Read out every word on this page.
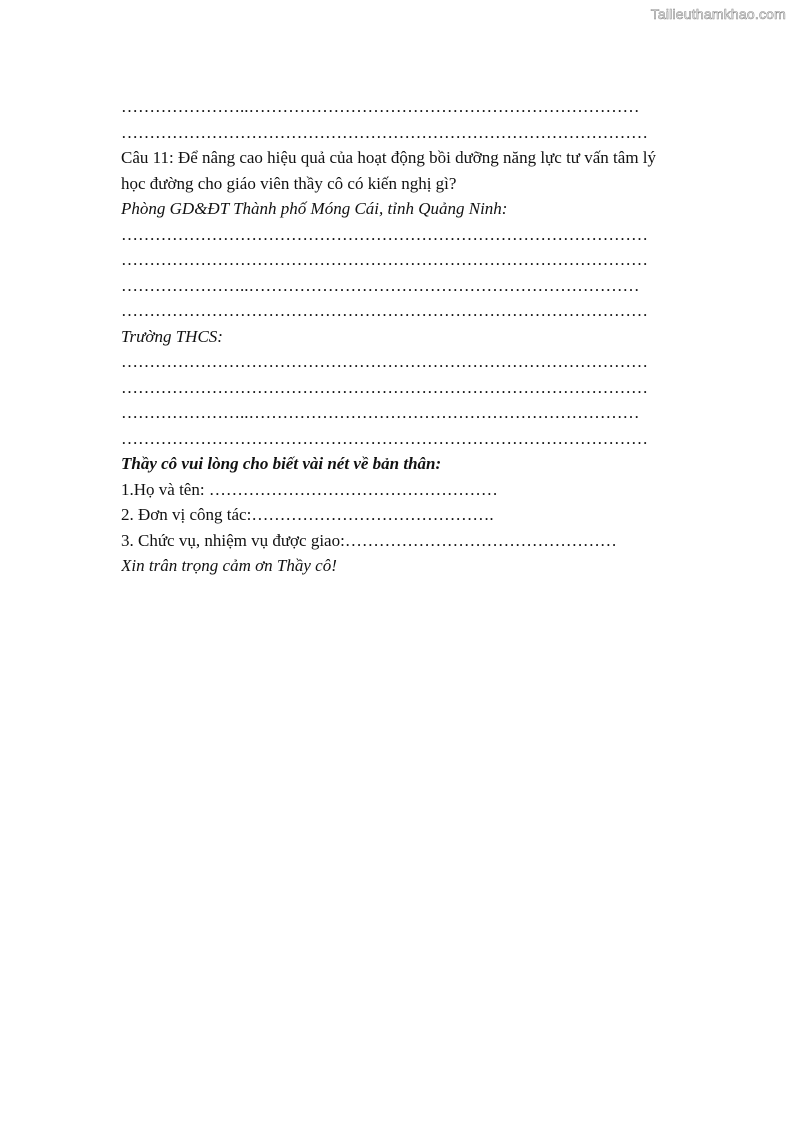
Tailieuthamkhao.com
…………………..……………………………………………………………
…………………………………………………………………………………
Câu 11: Để nâng cao hiệu quả của hoạt động bồi dưỡng năng lực tư vấn tâm lý
học đường cho giáo viên thầy cô có kiến nghị gì?
Phòng GD&ĐT Thành phố Móng Cái, tỉnh Quảng Ninh:
…………………………………………………………………………………
…………………………………………………………………………………
…………………..……………………………………………………………
…………………………………………………………………………………
Trường THCS:
…………………………………………………………………………………
…………………………………………………………………………………
…………………..……………………………………………………………
…………………………………………………………………………………
Thầy cô vui lòng cho biết vài nét về bản thân:
1.Họ và tên: ……………………………………………
2. Đơn vị công tác:…………………………………….
3. Chức vụ, nhiệm vụ được giao:…………………………………………
Xin trân trọng cảm ơn Thầy cô!
